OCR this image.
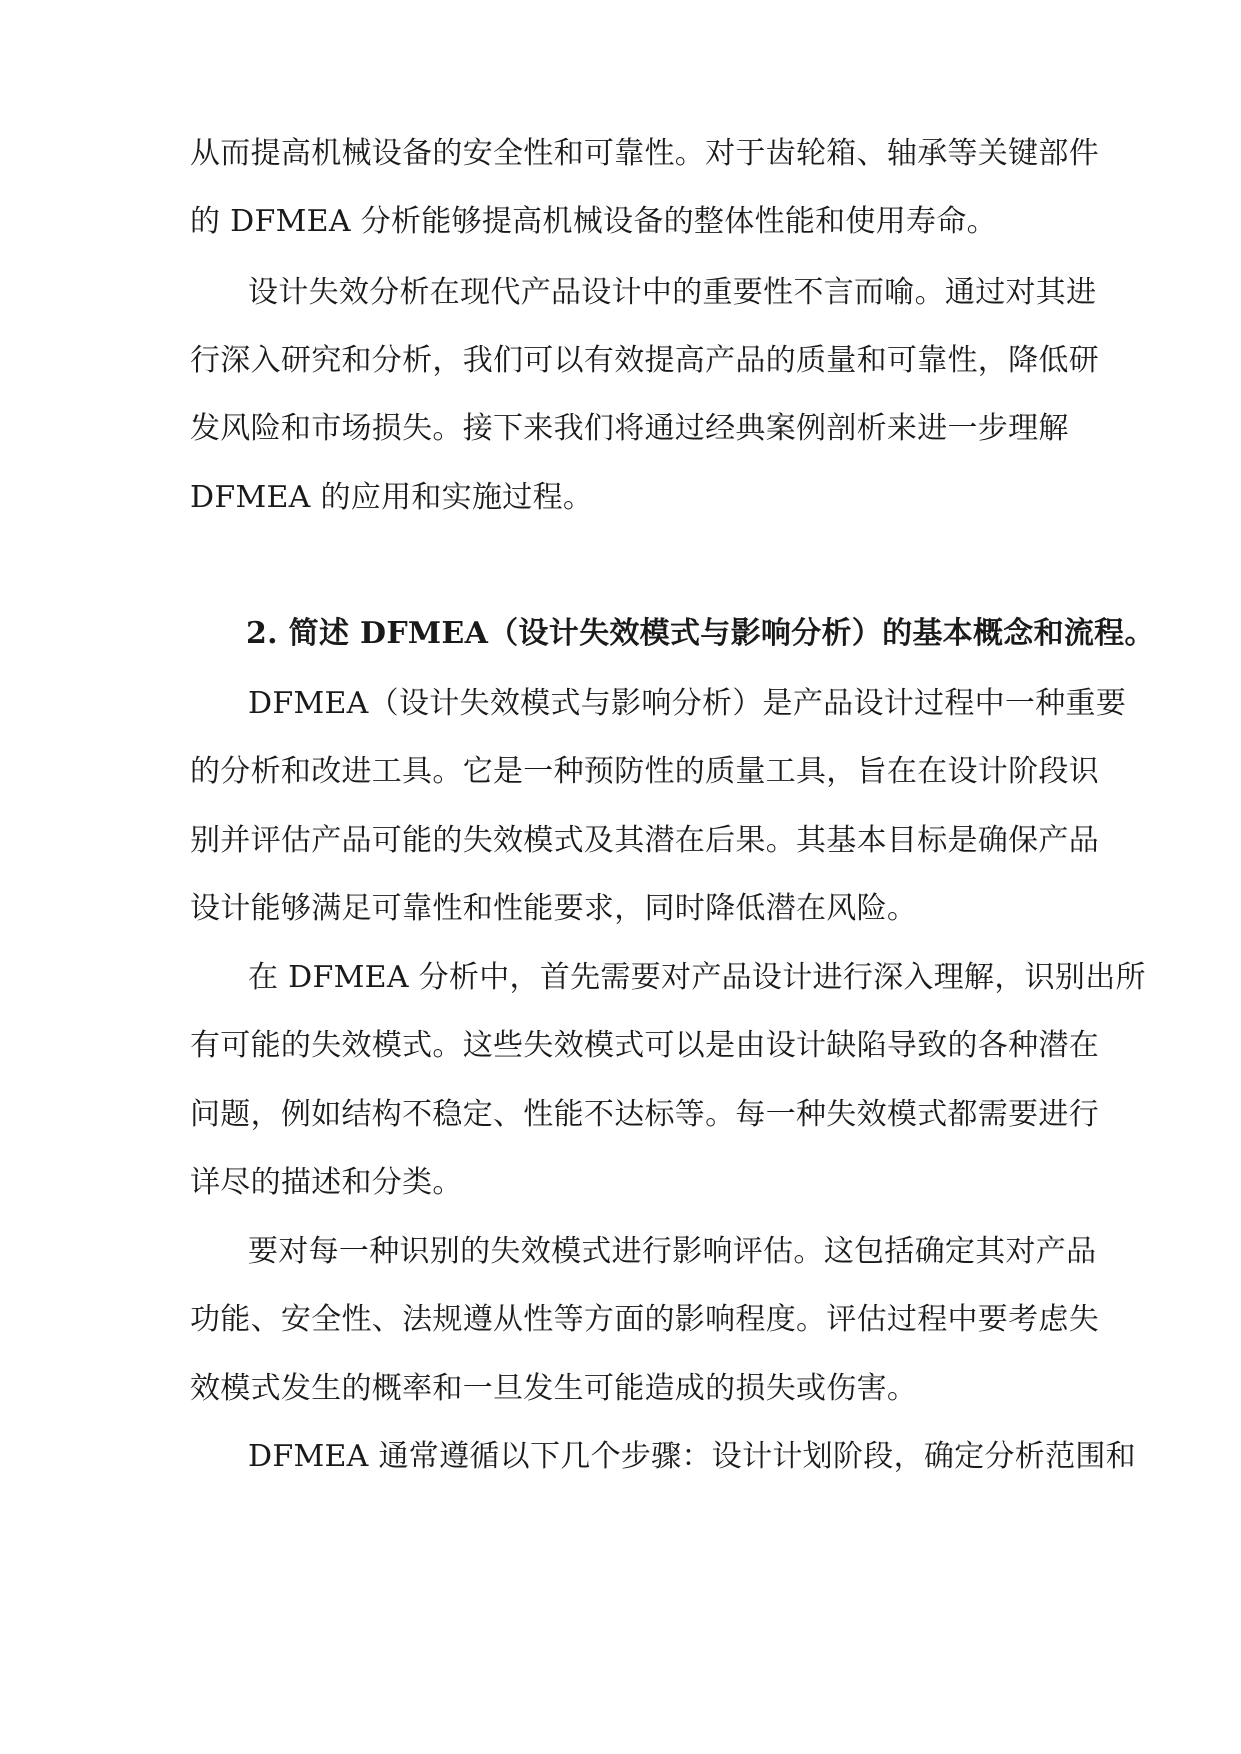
从而提高机械设备的安全性和可靠性。对于齿轮箱、轴承等关键部件
的 DFMEA 分析能够提高机械设备的整体性能和使用寿命。
设计失效分析在现代产品设计中的重要性不言而喻。通过对其进
行深入研究和分析，我们可以有效提高产品的质量和可靠性，降低研
发风险和市场损失。接下来我们将通过经典案例剖析来进一步理解
DFMEA 的应用和实施过程。
2. 简述 DFMEA（设计失效模式与影响分析）的基本概念和流程。
DFMEA（设计失效模式与影响分析）是产品设计过程中一种重要
的分析和改进工具。它是一种预防性的质量工具，旨在在设计阶段识
别并评估产品可能的失效模式及其潜在后果。其基本目标是确保产品
设计能够满足可靠性和性能要求，同时降低潜在风险。
在 DFMEA 分析中，首先需要对产品设计进行深入理解，识别出所
有可能的失效模式。这些失效模式可以是由设计缺陷导致的各种潜在
问题，例如结构不稳定、性能不达标等。每一种失效模式都需要进行
详尽的描述和分类。
要对每一种识别的失效模式进行影响评估。这包括确定其对产品
功能、安全性、法规遵从性等方面的影响程度。评估过程中要考虑失
效模式发生的概率和一旦发生可能造成的损失或伤害。
DFMEA 通常遵循以下几个步骤：设计计划阶段，确定分析范围和
